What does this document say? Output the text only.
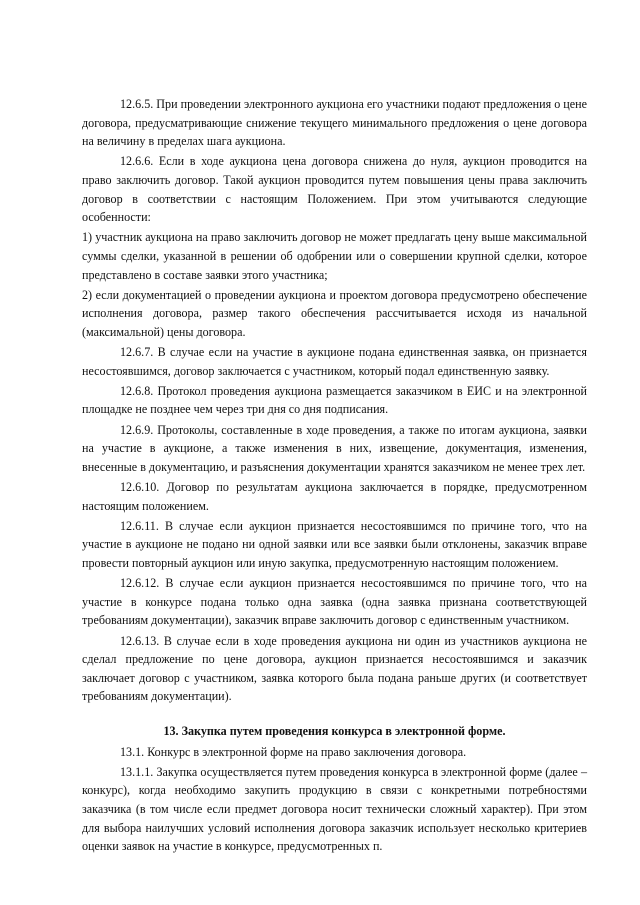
12.6.5. При проведении электронного аукциона его участники подают предложения о цене договора, предусматривающие снижение текущего минимального предложения о цене договора на величину в пределах шага аукциона.

12.6.6. Если в ходе аукциона цена договора снижена до нуля, аукцион проводится на право заключить договор. Такой аукцион проводится путем повышения цены права заключить договор в соответствии с настоящим Положением. При этом учитываются следующие особенности:

1) участник аукциона на право заключить договор не может предлагать цену выше максимальной суммы сделки, указанной в решении об одобрении или о совершении крупной сделки, которое представлено в составе заявки этого участника;

2) если документацией о проведении аукциона и проектом договора предусмотрено обеспечение исполнения договора, размер такого обеспечения рассчитывается исходя из начальной (максимальной) цены договора.

12.6.7. В случае если на участие в аукционе подана единственная заявка, он признается несостоявшимся, договор заключается с участником, который подал единственную заявку.

12.6.8. Протокол проведения аукциона размещается заказчиком в ЕИС и на электронной площадке не позднее чем через три дня со дня подписания.

12.6.9. Протоколы, составленные в ходе проведения, а также по итогам аукциона, заявки на участие в аукционе, а также изменения в них, извещение, документация, изменения, внесенные в документацию, и разъяснения документации хранятся заказчиком не менее трех лет.

12.6.10. Договор по результатам аукциона заключается в порядке, предусмотренном настоящим положением.

12.6.11. В случае если аукцион признается несостоявшимся по причине того, что на участие в аукционе не подано ни одной заявки или все заявки были отклонены, заказчик вправе провести повторный аукцион или иную закупка, предусмотренную настоящим положением.

12.6.12. В случае если аукцион признается несостоявшимся по причине того, что на участие в конкурсе подана только одна заявка (одна заявка признана соответствующей требованиям документации), заказчик вправе заключить договор с единственным участником.

12.6.13. В случае если в ходе проведения аукциона ни один из участников аукциона не сделал предложение по цене договора, аукцион признается несостоявшимся и заказчик заключает договор с участником, заявка которого была подана раньше других (и соответствует требованиям документации).

13. Закупка путем проведения конкурса в электронной форме.

13.1. Конкурс в электронной форме на право заключения договора.

13.1.1. Закупка осуществляется путем проведения конкурса в электронной форме (далее – конкурс), когда необходимо закупить продукцию в связи с конкретными потребностями заказчика (в том числе если предмет договора носит технически сложный характер). При этом для выбора наилучших условий исполнения договора заказчик использует несколько критериев оценки заявок на участие в конкурсе, предусмотренных п.
